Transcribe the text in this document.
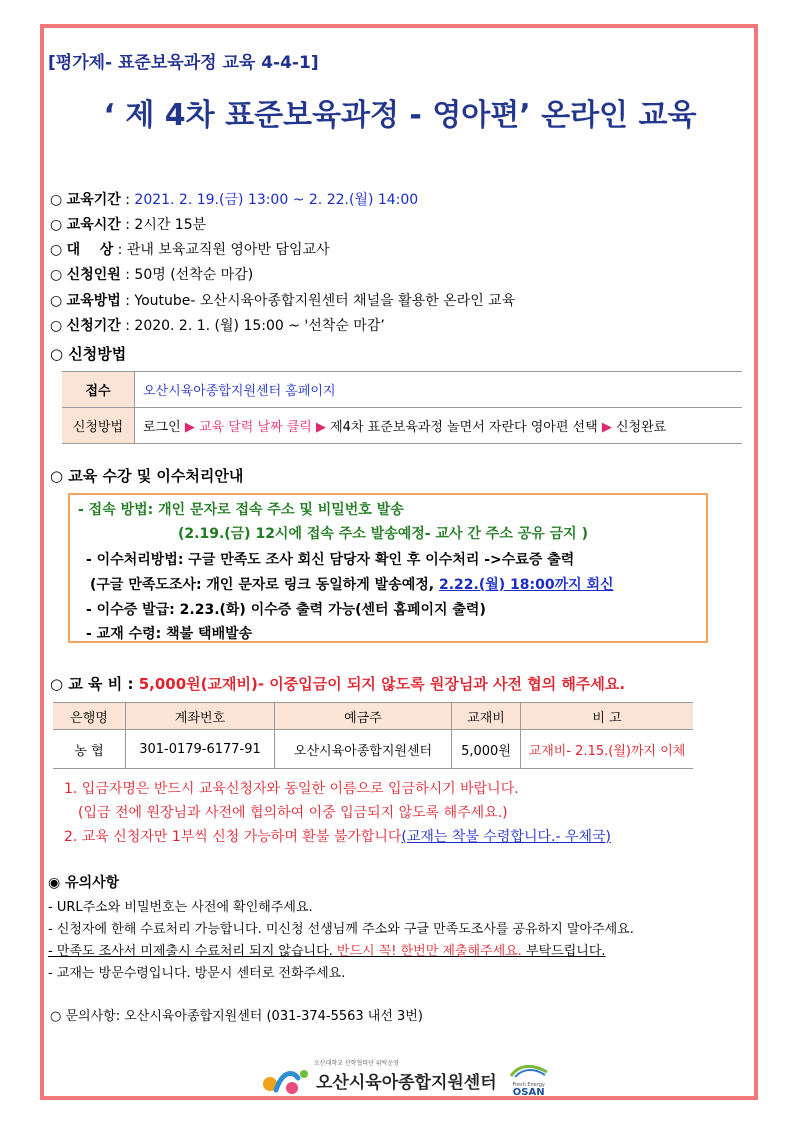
[평가제- 표준보육과정 교육 4-4-1]
‘ 제 4차 표준보육과정 - 영아편’ 온라인 교육
○ 교육기간 : 2021. 2. 19.(금) 13:00 ~ 2. 22.(월) 14:00
○ 교육시간 : 2시간 15분
○ 대    상 : 관내 보육교직원 영아반 담임교사
○ 신청인원 : 50명 (선착순 마감)
○ 교육방법 : Youtube- 오산시육아종합지원센터 채널을 활용한 온라인 교육
○ 신청기간 : 2020. 2. 1. (월) 15:00 ~ '선착순 마감’
○ 신청방법
접수	오산시육아종합지원센터 홈페이지
신청방법	로그인 ▶ 교육 달력 날짜 클릭 ▶ 제4차 표준보육과정 놀면서 자란다 영아편 선택 ▶ 신청완료
○ 교육 수강 및 이수처리안내
- 접속 방법: 개인 문자로 접속 주소 및 비밀번호 발송
(2.19.(금) 12시에 접속 주소 발송예정- 교사 간 주소 공유 금지 )
- 이수처리방법: 구글 만족도 조사 회신 담당자 확인 후 이수처리 ->수료증 출력
(구글 만족도조사: 개인 문자로 링크 동일하게 발송예정, 2.22.(월) 18:00까지 회신
- 이수증 발급: 2.23.(화) 이수증 출력 가능(센터 홈페이지 출력)
- 교재 수령: 책불 택배발송
○ 교 육 비 : 5,000원(교재비)- 이중입금이 되지 않도록 원장님과 사전 협의 해주세요.
은행명	계좌번호	예금주	교재비	비 고
농 협	301-0179-6177-91	오산시육아종합지원센터	5,000원	교재비- 2.15.(월)까지 이체
1. 입금자명은 반드시 교육신청자와 동일한 이름으로 입금하시기 바랍니다.
(입금 전에 원장님과 사전에 협의하여 이중 입금되지 않도록 해주세요.)
2. 교육 신청자만 1부씩 신청 가능하며 환불 불가합니다(교재는 착불 수령합니다.- 우체국)
◉ 유의사항
- URL주소와 비밀번호는 사전에 확인해주세요.
- 신청자에 한해 수료처리 가능합니다. 미신청 선생님께 주소와 구글 만족도조사를 공유하지 말아주세요.
- 만족도 조사서 미제출시 수료처리 되지 않습니다. 반드시 꼭! 한번만 제출해주세요. 부탁드립니다.
- 교재는 방문수령입니다. 방문시 센터로 전화주세요.
○ 문의사항: 오산시육아종합지원센터 (031-374-5563 내선 3번)
오산대학교 산학협력단 위탁운영
오산시육아종합지원센터	Fresh Energy
OSAN
